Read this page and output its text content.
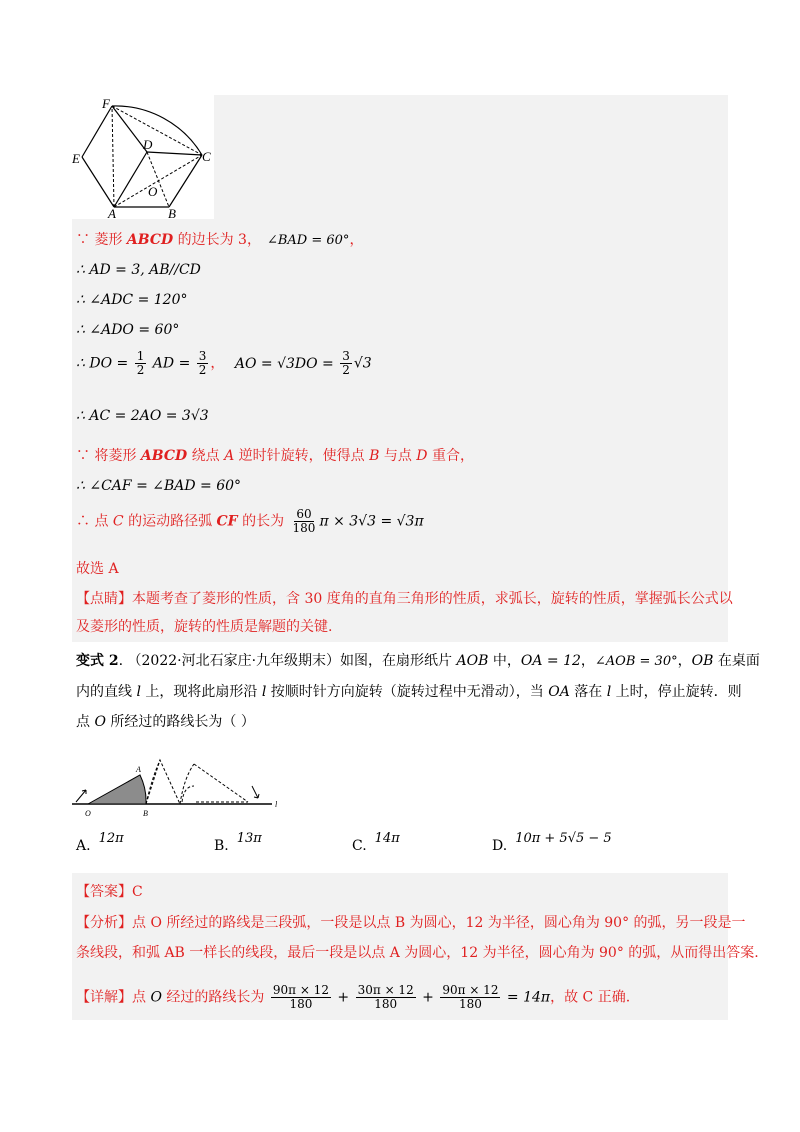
F
E
D
C
O
A	B
∵ 菱形 ABCD 的边长为 3， ∠BAD = 60°，
∴ AD = 3, AB//CD
∴ ∠ADC = 120°
∴ ∠ADO = 60°
∴ DO = $\frac{1}{2}$ AD = $\frac{3}{2}$ ， AO = $√3DO = \frac{3}{2} √3$
∴ AC = 2AO = 3√3
∵ 将菱形 ABCD 绕点 A 逆时针旋转，使得点 B 与点 D 重合，
∴ ∠CAF = ∠BAD = 60°
∴ 点 C 的运动路径弧 CF 的长为 $\frac{60}{180}$ π × 3√3 = √3π
故选 A
【点睛】本题考查了菱形的性质，含 30 度角的直角三角形的性质，求弧长，旋转的性质，掌握弧长公式以
及菱形的性质，旋转的性质是解题的关键.
变式 2. （2022·河北石家庄·九年级期末）如图，在扇形纸片 AOB 中，OA = 12，∠AOB = 30°，OB 在桌面
内的直线 l 上，现将此扇形沿 l 按顺时针方向旋转（旋转过程中无滑动），当 OA 落在 l 上时，停止旋转．则
点 O 所经过的路线长为（ ）
A
O	B
l
A. 12π	B. 13π	C. 14π	D. 10π + 5√5 − 5
【答案】C
【分析】点 O 所经过的路线是三段弧，一段是以点 B 为圆心，12 为半径，圆心角为 90° 的弧，另一段是一
条线段，和弧 AB 一样长的线段，最后一段是以点 A 为圆心，12 为半径，圆心角为 90° 的弧，从而得出答案.
【详解】点 O 经过的路线长为 $\frac{90\pi \times 12}{180} + \frac{30\pi \times 12}{180} + \frac{90\pi \times 12}{180} = 14\pi$，故 C 正确.
